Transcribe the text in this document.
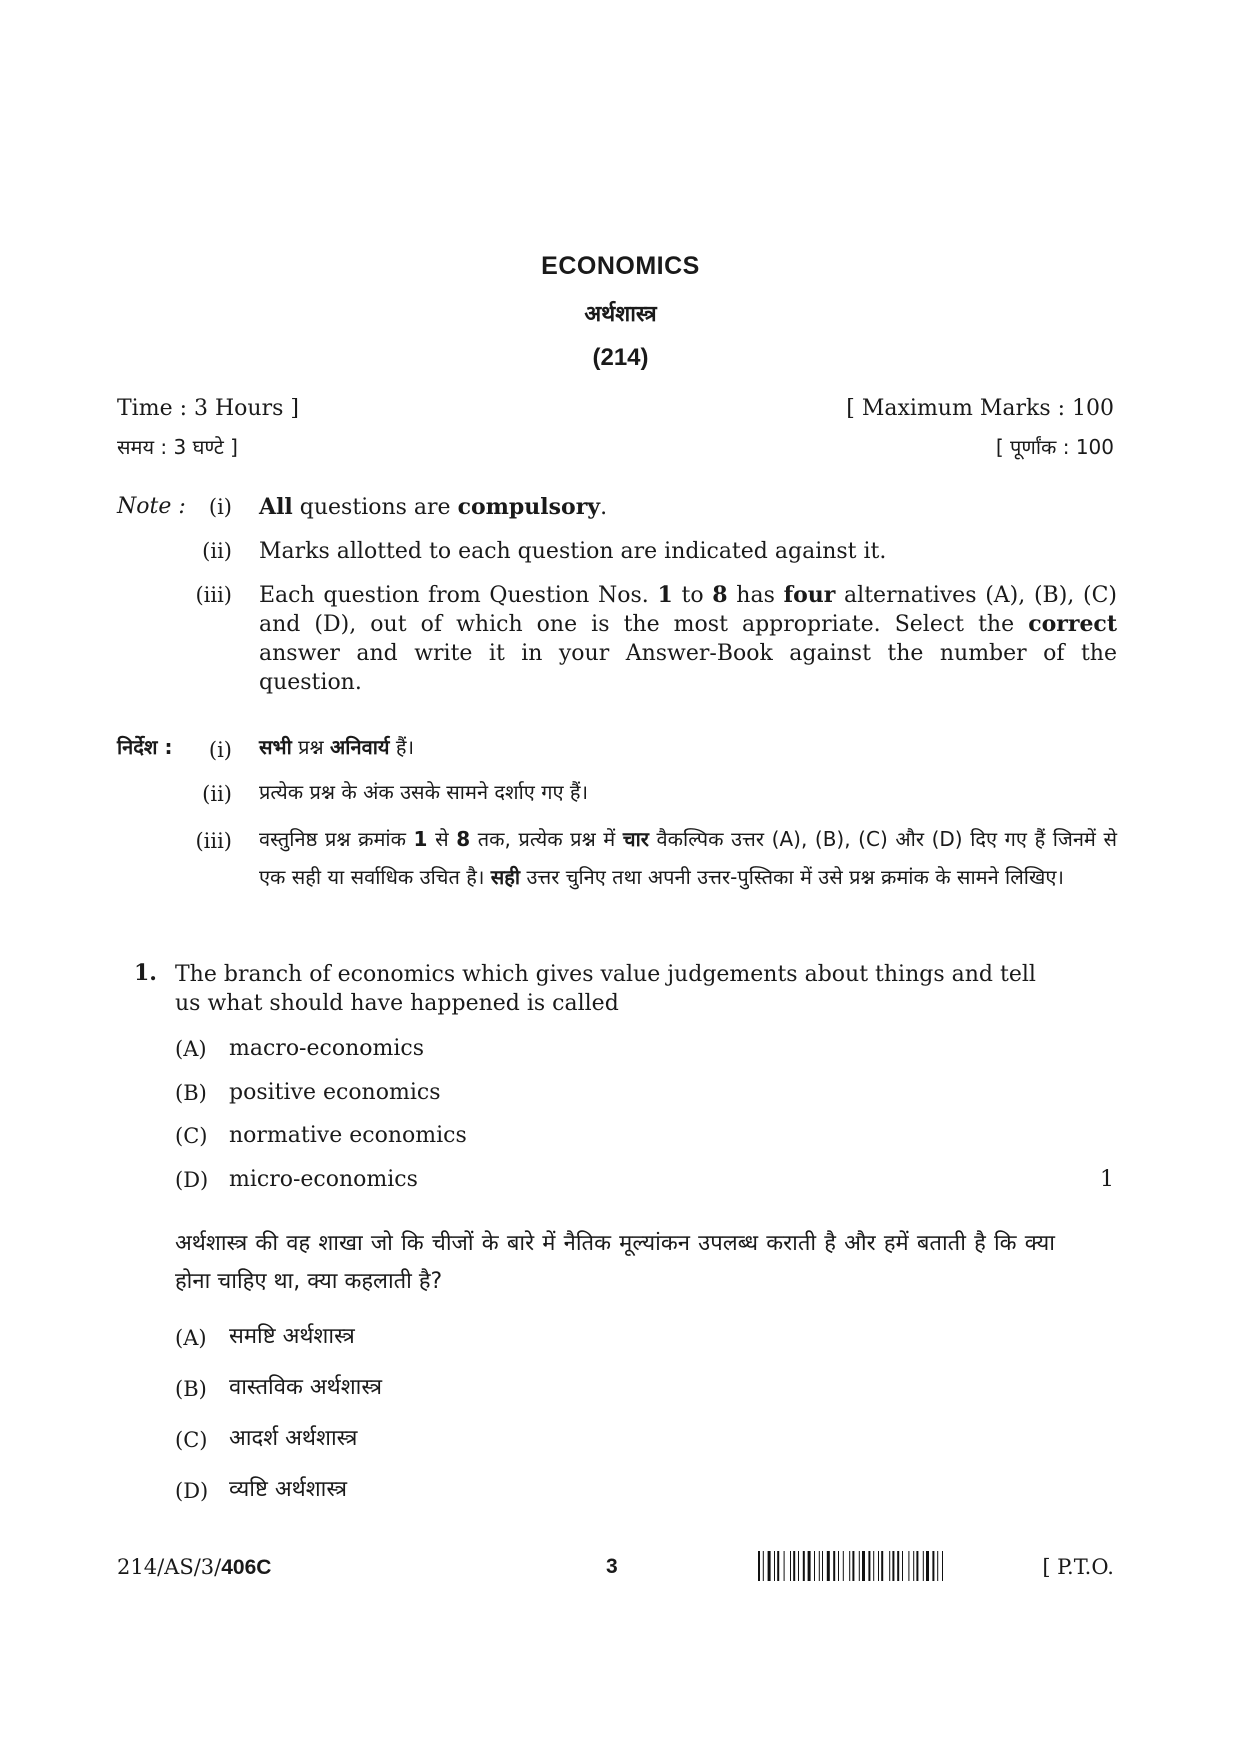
ECONOMICS
अर्थशास्त्र
(214)
Time : 3 Hours ]
समय : 3 घण्टे ]
[ Maximum Marks : 100
[ पूर्णांक : 100
Note :	(i) All questions are compulsory.
(ii) Marks allotted to each question are indicated against it.
(iii) Each question from Question Nos. 1 to 8 has four alternatives (A), (B), (C) and (D), out of which one is the most appropriate. Select the correct answer and write it in your Answer-Book against the number of the question.
निर्देश :	(i) सभी प्रश्न अनिवार्य हैं।
(ii) प्रत्येक प्रश्न के अंक उसके सामने दर्शाए गए हैं।
(iii) वस्तुनिष्ठ प्रश्न क्रमांक 1 से 8 तक, प्रत्येक प्रश्न में चार वैकल्पिक उत्तर (A), (B), (C) और (D) दिए गए हैं जिनमें से एक सही या सर्वाधिक उचित है। सही उत्तर चुनिए तथा अपनी उत्तर-पुस्तिका में उसे प्रश्न क्रमांक के सामने लिखिए।
1. The branch of economics which gives value judgements about things and tell us what should have happened is called
(A) macro-economics
(B) positive economics
(C) normative economics
(D) micro-economics	1
अर्थशास्त्र की वह शाखा जो कि चीजों के बारे में नैतिक मूल्यांकन उपलब्ध कराती है और हमें बताती है कि क्या होना चाहिए था, क्या कहलाती है?
(A) समष्टि अर्थशास्त्र
(B) वास्तविक अर्थशास्त्र
(C) आदर्श अर्थशास्त्र
(D) व्यष्टि अर्थशास्त्र
214/AS/3/406C	3	[ P.T.O.
